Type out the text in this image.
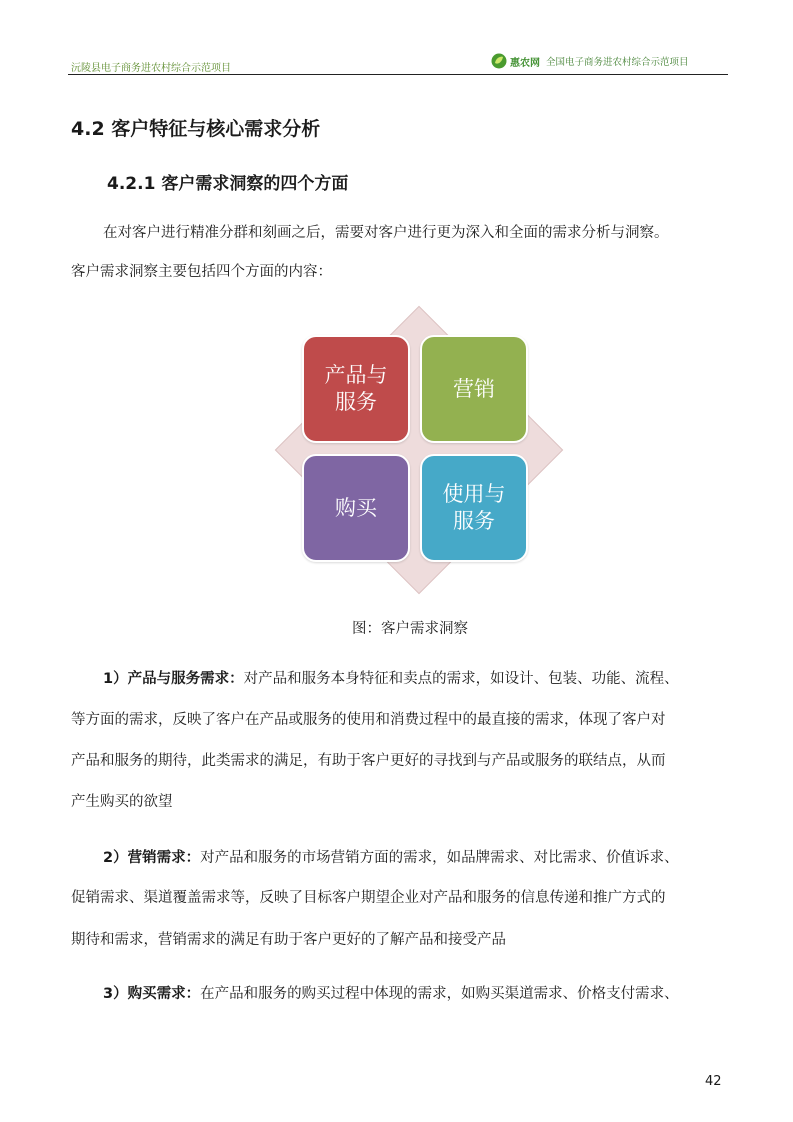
沅陵县电子商务进农村综合示范项目	惠农网 全国电子商务进农村综合示范项目
4.2 客户特征与核心需求分析
4.2.1 客户需求洞察的四个方面
在对客户进行精准分群和刻画之后，需要对客户进行更为深入和全面的需求分析与洞察。
客户需求洞察主要包括四个方面的内容：
产品与服务
营销
购买
使用与服务
图：客户需求洞察
1）产品与服务需求：对产品和服务本身特征和卖点的需求，如设计、包装、功能、流程、
等方面的需求，反映了客户在产品或服务的使用和消费过程中的最直接的需求，体现了客户对
产品和服务的期待，此类需求的满足，有助于客户更好的寻找到与产品或服务的联结点，从而
产生购买的欲望
2）营销需求：对产品和服务的市场营销方面的需求，如品牌需求、对比需求、价值诉求、
促销需求、渠道覆盖需求等，反映了目标客户期望企业对产品和服务的信息传递和推广方式的
期待和需求，营销需求的满足有助于客户更好的了解产品和接受产品
3）购买需求：在产品和服务的购买过程中体现的需求，如购买渠道需求、价格支付需求、
42
